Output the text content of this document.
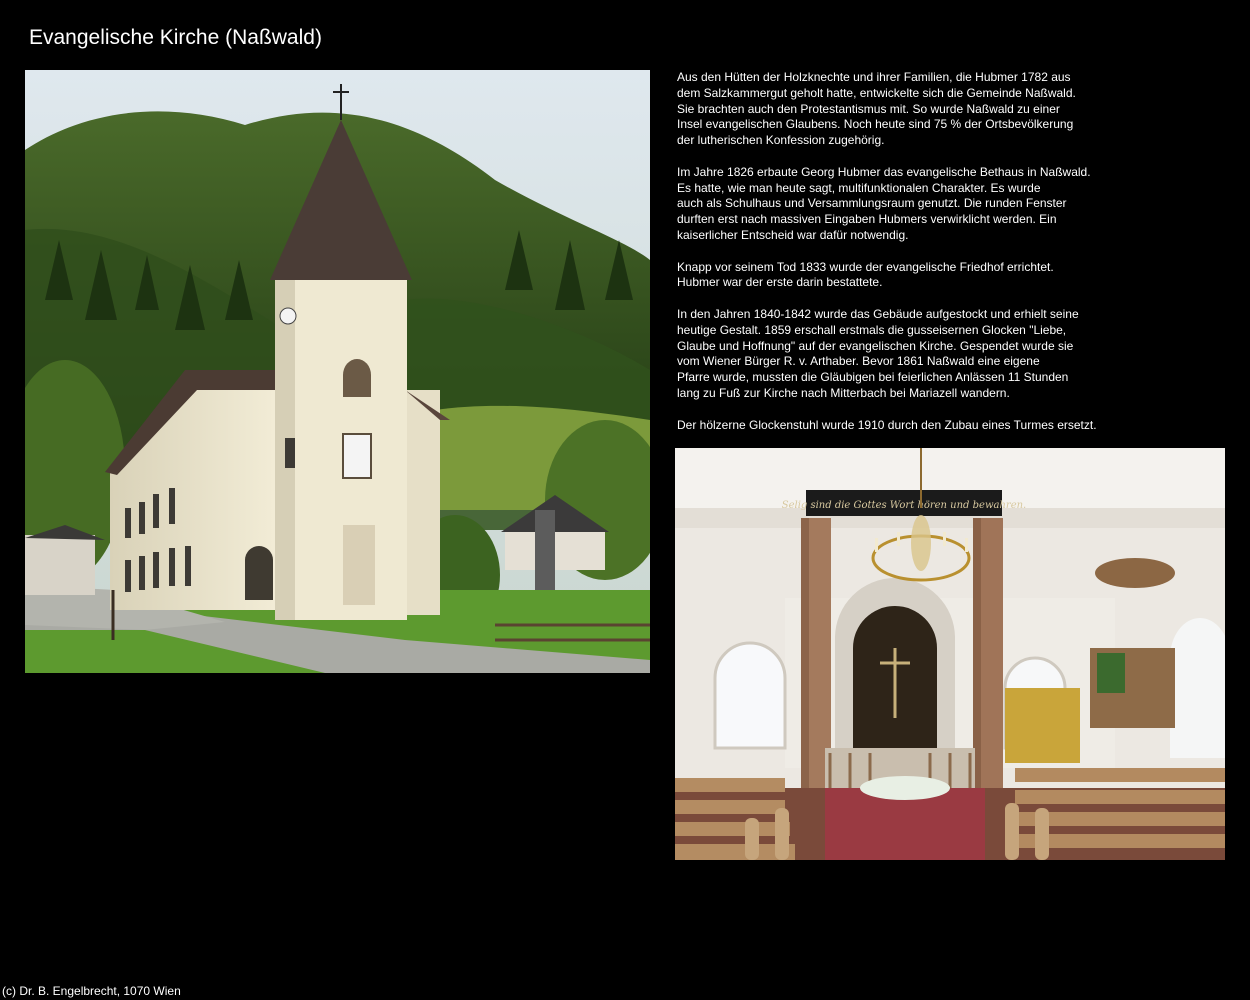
Evangelische Kirche (Naßwald)

Aus den Hütten der Holzknechte und ihrer Familien, die Hubmer 1782 aus
dem Salzkammergut geholt hatte, entwickelte sich die Gemeinde Naßwald.
Sie brachten auch den Protestantismus mit. So wurde Naßwald zu einer
Insel evangelischen Glaubens. Noch heute sind 75 % der Ortsbevölkerung
der lutherischen Konfession zugehörig.

Im Jahre 1826 erbaute Georg Hubmer das evangelische Bethaus in Naßwald.
Es hatte, wie man heute sagt, multifunktionalen Charakter. Es wurde
auch als Schulhaus und Versammlungsraum genutzt. Die runden Fenster
durften erst nach massiven Eingaben Hubmers verwirklicht werden. Ein
kaiserlicher Entscheid war dafür notwendig.

Knapp vor seinem Tod 1833 wurde der evangelische Friedhof errichtet.
Hubmer war der erste darin bestattete.

In den Jahren 1840-1842 wurde das Gebäude aufgestockt und erhielt seine
heutige Gestalt. 1859 erschall erstmals die gusseisernen Glocken "Liebe,
Glaube und Hoffnung" auf der evangelischen Kirche. Gespendet wurde sie
vom Wiener Bürger R. v. Arthaber. Bevor 1861 Naßwald eine eigene
Pfarre wurde, mussten die Gläubigen bei feierlichen Anlässen 11 Stunden
lang zu Fuß zur Kirche nach Mitterbach bei Mariazell wandern.

Der hölzerne Glockenstuhl wurde 1910 durch den Zubau eines Turmes ersetzt.

Selig sind die Gottes Wort hören und bewahren.
(c) Dr. B. Engelbrecht, 1070 Wien
